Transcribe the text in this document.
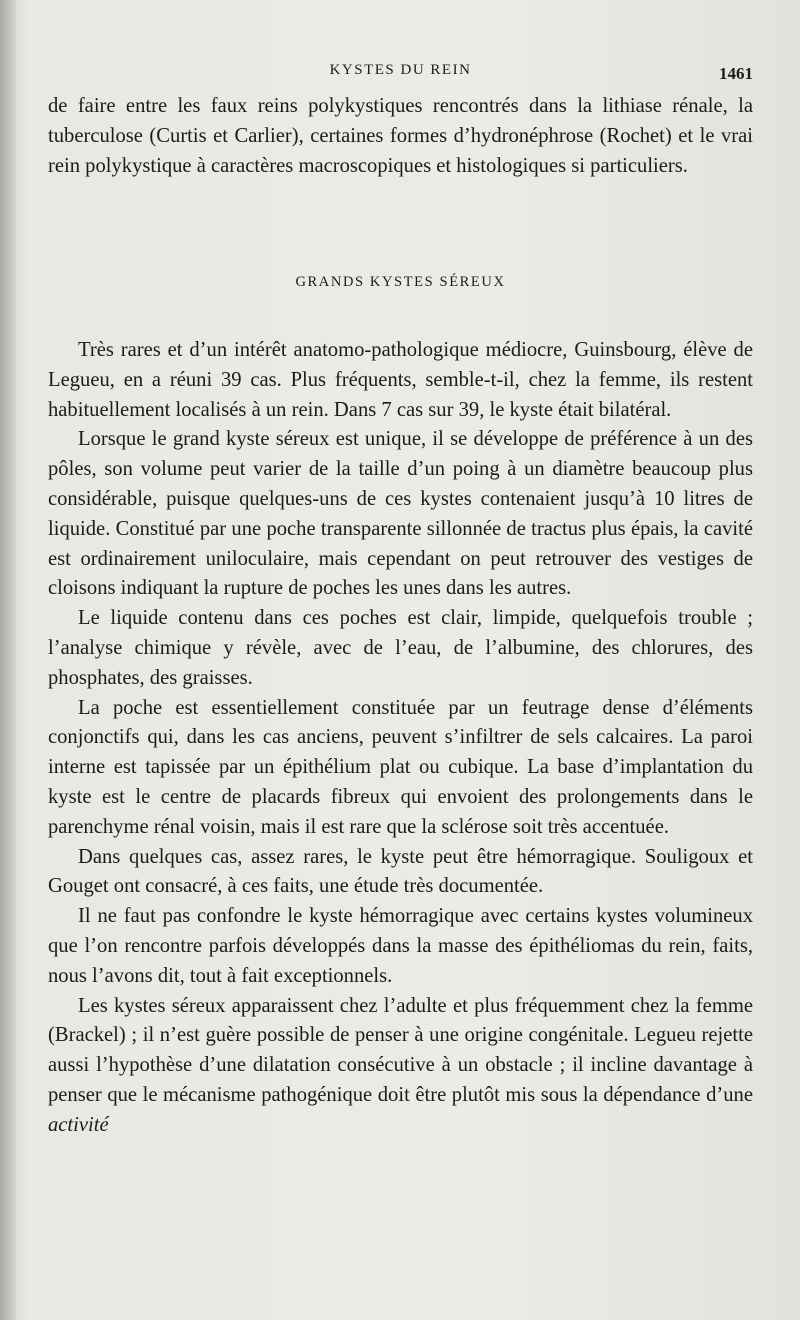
KYSTES DU REIN	1461

de faire entre les faux reins polykystiques rencontrés dans la lithiase rénale, la tuberculose (Curtis et Carlier), certaines formes d’hydronéphrose (Rochet) et le vrai rein polykystique à caractères macroscopiques et histologiques si particuliers.

GRANDS KYSTES SÉREUX

Très rares et d’un intérêt anatomo-pathologique médiocre, Guinsbourg, élève de Legueu, en a réuni 39 cas. Plus fréquents, semble-t-il, chez la femme, ils restent habituellement localisés à un rein. Dans 7 cas sur 39, le kyste était bilatéral.

Lorsque le grand kyste séreux est unique, il se développe de préférence à un des pôles, son volume peut varier de la taille d’un poing à un diamètre beaucoup plus considérable, puisque quelques-uns de ces kystes contenaient jusqu’à 10 litres de liquide. Constitué par une poche transparente sillonnée de tractus plus épais, la cavité est ordinairement uniloculaire, mais cependant on peut retrouver des vestiges de cloisons indiquant la rupture de poches les unes dans les autres.

Le liquide contenu dans ces poches est clair, limpide, quelquefois trouble ; l’analyse chimique y révèle, avec de l’eau, de l’albumine, des chlorures, des phosphates, des graisses.

La poche est essentiellement constituée par un feutrage dense d’éléments conjonctifs qui, dans les cas anciens, peuvent s’infiltrer de sels calcaires. La paroi interne est tapissée par un épithélium plat ou cubique. La base d’implantation du kyste est le centre de placards fibreux qui envoient des prolongements dans le parenchyme rénal voisin, mais il est rare que la sclérose soit très accentuée.

Dans quelques cas, assez rares, le kyste peut être hémorragique. Souligoux et Gouget ont consacré, à ces faits, une étude très documentée.

Il ne faut pas confondre le kyste hémorragique avec certains kystes volumineux que l’on rencontre parfois développés dans la masse des épithéliomas du rein, faits, nous l’avons dit, tout à fait exceptionnels.

Les kystes séreux apparaissent chez l’adulte et plus fréquemment chez la femme (Brackel) ; il n’est guère possible de penser à une origine congénitale. Legueu rejette aussi l’hypothèse d’une dilatation consécutive à un obstacle ; il incline davantage à penser que le mécanisme pathogénique doit être plutôt mis sous la dépendance d’une activité
